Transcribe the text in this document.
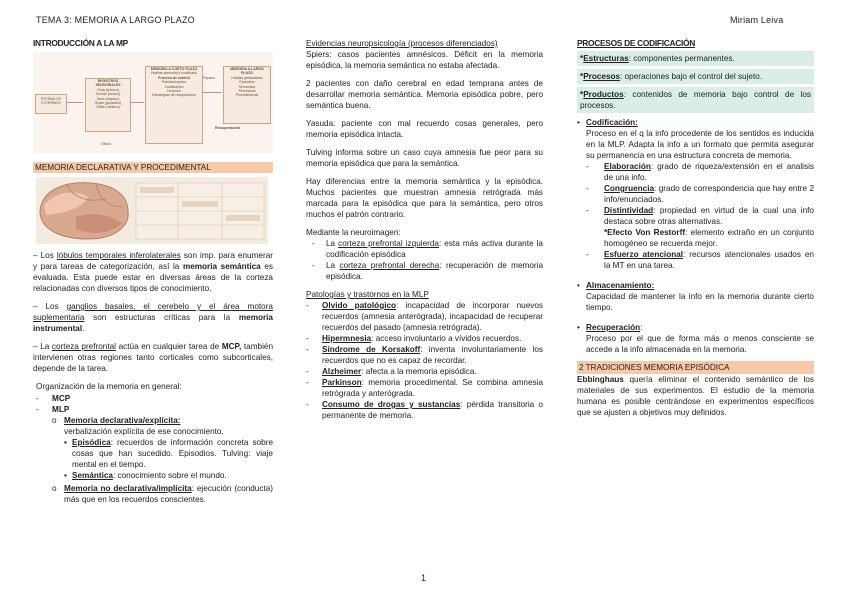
TEMA 3: MEMORIA A LARGO PLAZO	Miriam Leiva
INTRODUCCIÓN A LA MP
ESTÍMULOS EXTERNOS
REGISTROS SENSORIALES
Vista (icónico)
Sonido (ecoico)
Tacto (háptico)
Gusto (gustativo)
Olfato (olfativo)
MEMORIA A CORTO PLAZO
Huellas sensorial y codificado
Proceso de control
Práctica/repaso
Codificación
Decisión
Estrategias de recuperación
Repaso
MEMORIA A LARGO PLAZO
Huellas perdurables
Episódica
Semántica
Perceptual
Procedimental
Recuperación
Olvido
MEMORIA DECLARATIVA Y PROCEDIMENTAL

– Los lóbulos temporales inferolaterales son imp. para enumerar y para tareas de categorización, así la memoria semántica es evaluada. Esta puede estar en diversas áreas de la corteza relacionadas con diversos tipos de conocimiento.

– Los ganglios basales, el cerebelo y el área motora suplementaria son estructuras críticas para la memoria instrumental.

– La corteza prefrontal actúa en cualquier tarea de MCP, también intervienen otras regiones tanto corticales como subcorticales, depende de la tarea.

Organización de la memoria en general:

-	MCP
-	MLP
o Memoria declarativa/explícita:
verbalización explícita de ese conocimiento.
▪ Episódica: recuerdos de información concreta sobre cosas que han sucedido. Episodios. Tulving: viaje mental en el tiempo.
▪ Semántica: conocimiento sobre el mundo.
o Memoria no declarativa/implícita: ejecución (conducta) más que en los recuerdos conscientes.

Evidencias neuropsicología (procesos diferenciados)

Spiers: casos pacientes amnésicos. Déficit en la memoria episódica, la memoria semántica no estaba afectada.

2 pacientes con daño cerebral en edad temprana antes de desarrollar memoria semántica. Memoria episódica pobre, pero semántica buena.

Yasuda: paciente con mal recuerdo cosas generales, pero memoria episódica intacta.

Tulving informa sobre un caso cuya amnesia fue peor para su memoria episódica que para la semántica.

Hay diferencias entre la memoria semántica y la episódica. Muchos pacientes que muestran amnesia retrógrada más marcada para la episódica que para la semántica, pero otros muchos el patrón contrario.

Mediante la neuroimagen:

-	La corteza prefrontal izquierda: esta más activa durante la codificación episódica
-	La corteza prefrontal derecha: recuperación de memoria episódica.

Patologías y trastornos en la MLP

-	Olvido patológico: incapacidad de incorporar nuevos recuerdos (amnesia anterógrada), incapacidad de recuperar recuerdos del pasado (amnesia retrógrada).
-	Hipermnesia: acceso involuntario a vívidos recuerdos.
-	Síndrome de Korsakoff: inventa involuntariamente los recuerdos que no es capaz de recordar.
-	Alzheimer: afecta a la memoria episódica.
-	Parkinson: memoria procedimental. Se combina amnesia retrógrada y anterógrada.
-	Consumo de drogas y sustancias: pérdida transitoria o permanente de memoria.
1
PROCESOS DE CODIFICACIÓN
*Estructuras: componentes permanentes.
*Procesos: operaciones bajo el control del sujeto.
*Productos: contenidos de memoria bajo control de los procesos.
• Codificación:

Proceso en el q la info procedente de los sentidos es inducida en la MLP. Adapta la info a un formato que permita asegurar su permanencia en una estructura concreta de memoria.

-	Elaboración: grado de riqueza/extensión en el analisis de una info.
-	Congruencia: grado de correspondencia que hay entre 2 info/enunciados.
-	Distintividad: propiedad en virtud de la cual una info destaca sobre otras alternativas.
*Efecto Von Restorff: elemento extraño en un conjunto homogéneo se recuerda mejor.
-	Esfuerzo atencional: recursos atencionales usados en la MT en una tarea.
• Almacenamiento:

Capacidad de mantener la info en la memoria durante cierto tiempo.

• Recuperación:

Proceso por el que de forma más o menos consciente se accede a la info almacenada en la memoria.

2 TRADICIONES MEMORIA EPISÓDICA

Ebbinghaus quería eliminar el contenido semántico de los materiales de sus experimentos. El estudio de la memoria humana es posible centrándose en experimentos específicos que se ajusten a objetivos muy definidos.
